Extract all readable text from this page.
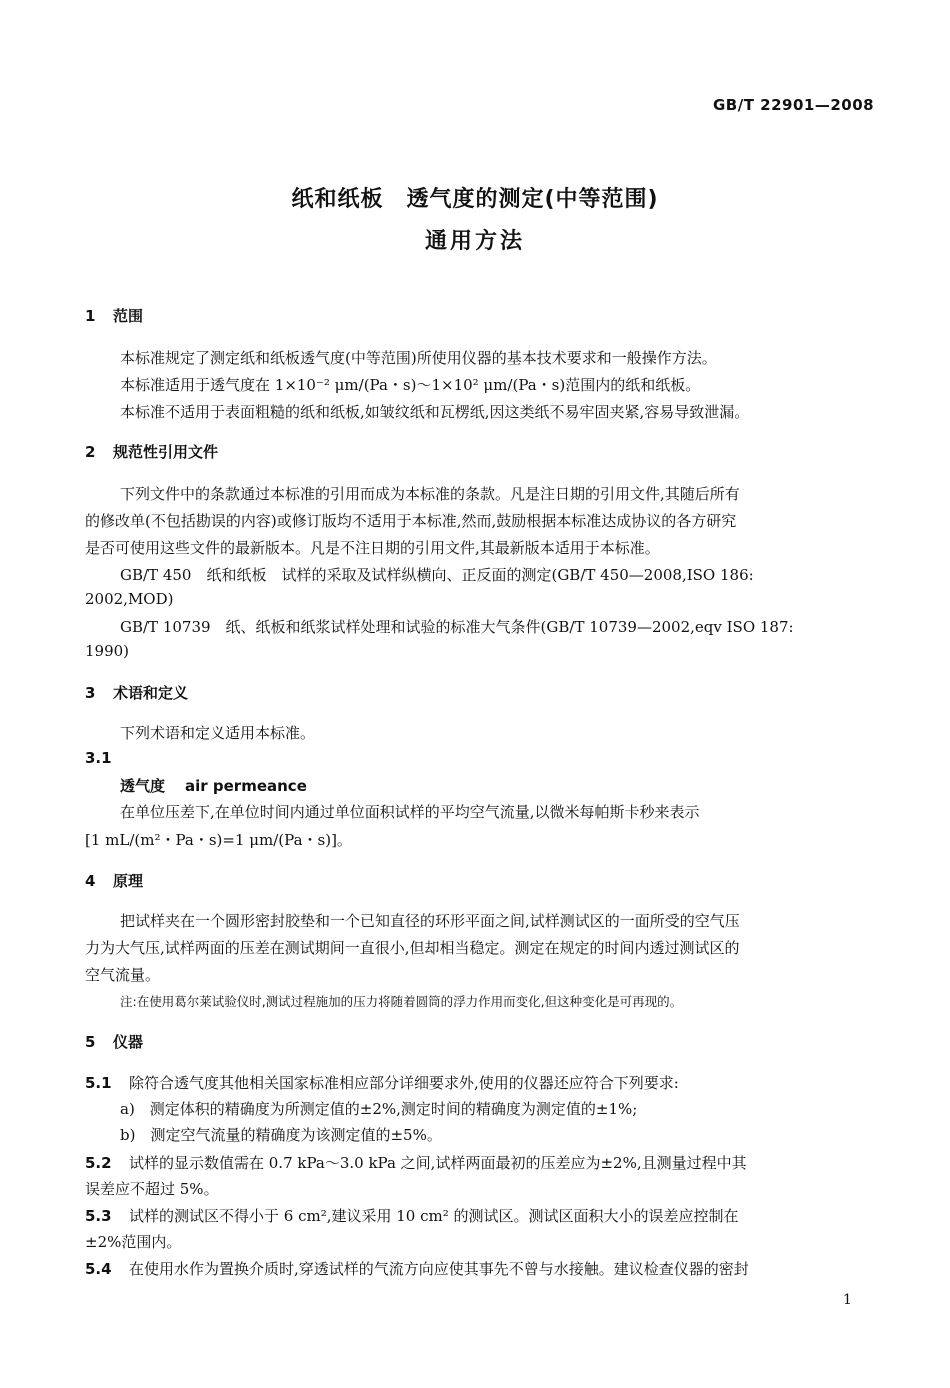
GB/T 22901—2008
纸和纸板　透气度的测定(中等范围)
通用方法
1 范围
本标准规定了测定纸和纸板透气度(中等范围)所使用仪器的基本技术要求和一般操作方法。
本标准适用于透气度在 1×10⁻² μm/(Pa・s)～1×10² μm/(Pa・s)范围内的纸和纸板。
本标准不适用于表面粗糙的纸和纸板,如皱纹纸和瓦楞纸,因这类纸不易牢固夹紧,容易导致泄漏。
2 规范性引用文件
下列文件中的条款通过本标准的引用而成为本标准的条款。凡是注日期的引用文件,其随后所有
的修改单(不包括勘误的内容)或修订版均不适用于本标准,然而,鼓励根据本标准达成协议的各方研究
是否可使用这些文件的最新版本。凡是不注日期的引用文件,其最新版本适用于本标准。
GB/T 450　纸和纸板　试样的采取及试样纵横向、正反面的测定(GB/T 450—2008,ISO 186:
2002,MOD)
GB/T 10739　纸、纸板和纸浆试样处理和试验的标准大气条件(GB/T 10739—2002,eqv ISO 187:
1990)
3 术语和定义
下列术语和定义适用本标准。
3.1
透气度 air permeance
在单位压差下,在单位时间内通过单位面积试样的平均空气流量,以微米每帕斯卡秒来表示
[1 mL/(m²・Pa・s)=1 μm/(Pa・s)]。
4 原理
把试样夹在一个圆形密封胶垫和一个已知直径的环形平面之间,试样测试区的一面所受的空气压
力为大气压,试样两面的压差在测试期间一直很小,但却相当稳定。测定在规定的时间内透过测试区的
空气流量。
注:在使用葛尔莱试验仪时,测试过程施加的压力将随着圆筒的浮力作用而变化,但这种变化是可再现的。
5 仪器
5.1 除符合透气度其他相关国家标准相应部分详细要求外,使用的仪器还应符合下列要求:
a)　测定体积的精确度为所测定值的±2%,测定时间的精确度为测定值的±1%;
b)　测定空气流量的精确度为该测定值的±5%。
5.2 试样的显示数值需在 0.7 kPa～3.0 kPa 之间,试样两面最初的压差应为±2%,且测量过程中其
误差应不超过 5%。
5.3 试样的测试区不得小于 6 cm²,建议采用 10 cm² 的测试区。测试区面积大小的误差应控制在
±2%范围内。
5.4 在使用水作为置换介质时,穿透试样的气流方向应使其事先不曾与水接触。建议检查仪器的密封
1
